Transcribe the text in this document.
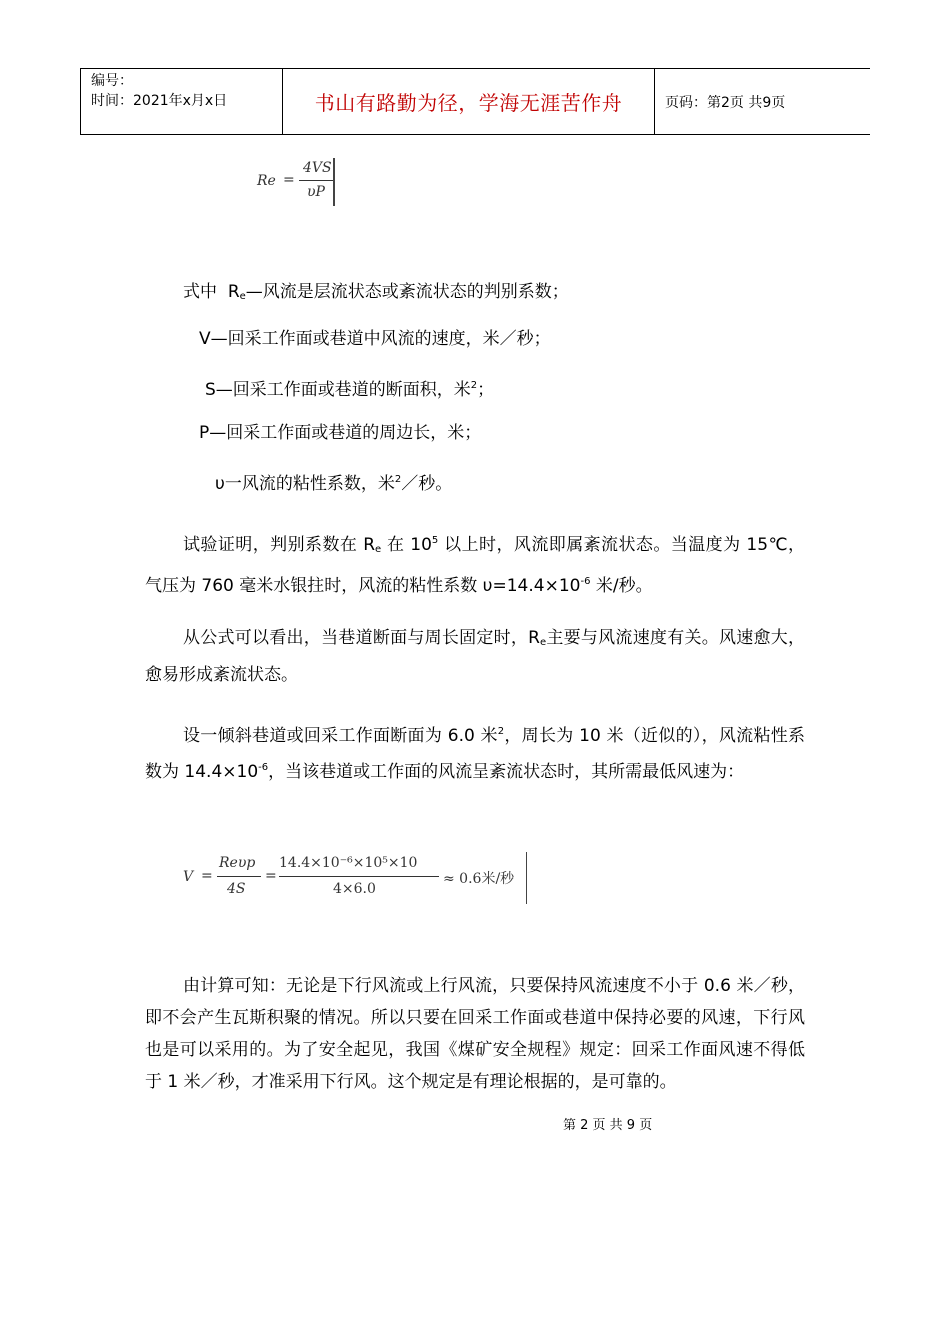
编号：
时间：2021年x月x日	书山有路勤为径，学海无涯苦作舟	页码：第2页 共9页
Re =
4VS
υP
式中 $R_e—$风流是层流状态或紊流状态的判别系数；
V—回采工作面或巷道中风流的速度，米／秒；
S—回采工作面或巷道的断面积，米$^2$；
P—回采工作面或巷道的周边长，米；
υ一风流的粘性系数，米$^2$／秒。
试验证明，判别系数在 $R_e$ 在 $10^5$ 以上时，风流即属紊流状态。当温度为 15℃，气压为 760 毫米水银拄时，风流的粘性系数 $\upsilon=14.4\times 10^{-6}$ 米/秒。
从公式可以看出，当巷道断面与周长固定时，$R_e$主要与风流速度有关。风速愈大，愈易形成紊流状态。
设一倾斜巷道或回采工作面断面为 6.0 米$^2$，周长为 10 米（近似的），风流粘性系数为 $14.4\times 10^{-6}$，当该巷道或工作面的风流呈紊流状态时，其所需最低风速为：
V =
Reυp
4S
=
14.4×10⁻⁶×10⁵×10
4×6.0
≈ 0.6米/秒
由计算可知：无论是下行风流或上行风流，只要保持风流速度不小于 0.6 米／秒，即不会产生瓦斯积聚的情况。所以只要在回采工作面或巷道中保持必要的风速，下行风也是可以采用的。为了安全起见，我国《煤矿安全规程》规定：回采工作面风速不得低于 1 米／秒，才准采用下行风。这个规定是有理论根据的，是可靠的。
第 2 页 共 9 页
